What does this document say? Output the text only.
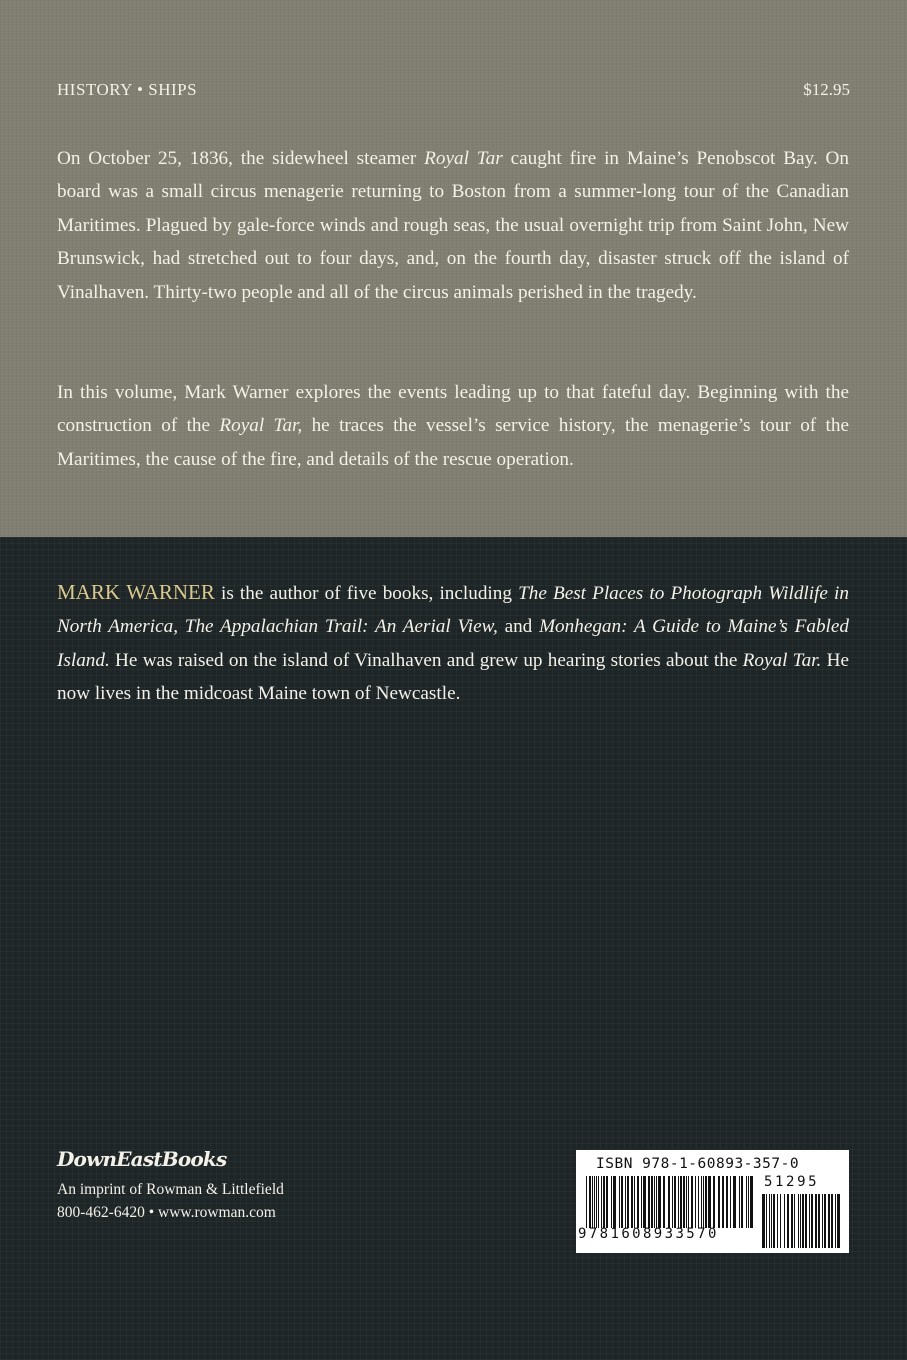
HISTORY • SHIPS	$12.95

On October 25, 1836, the sidewheel steamer Royal Tar caught fire in Maine’s Penobscot Bay. On board was a small circus menagerie returning to Boston from a summer-long tour of the Canadian Maritimes. Plagued by gale-force winds and rough seas, the usual overnight trip from Saint John, New Brunswick, had stretched out to four days, and, on the fourth day, disaster struck off the island of Vinalhaven. Thirty-two people and all of the circus animals perished in the tragedy.

In this volume, Mark Warner explores the events leading up to that fateful day. Beginning with the construction of the Royal Tar, he traces the vessel’s service history, the menagerie’s tour of the Maritimes, the cause of the fire, and details of the rescue operation.

MARK WARNER is the author of five books, including The Best Places to Photograph Wildlife in North America, The Appalachian Trail: An Aerial View, and Monhegan: A Guide to Maine’s Fabled Island. He was raised on the island of Vinalhaven and grew up hearing stories about the Royal Tar. He now lives in the midcoast Maine town of Newcastle.

DownEastBooks
An imprint of Rowman & Littlefield
800-462-6420 • www.rowman.com
ISBN 978-1-60893-357-0
9781608933570
51295
